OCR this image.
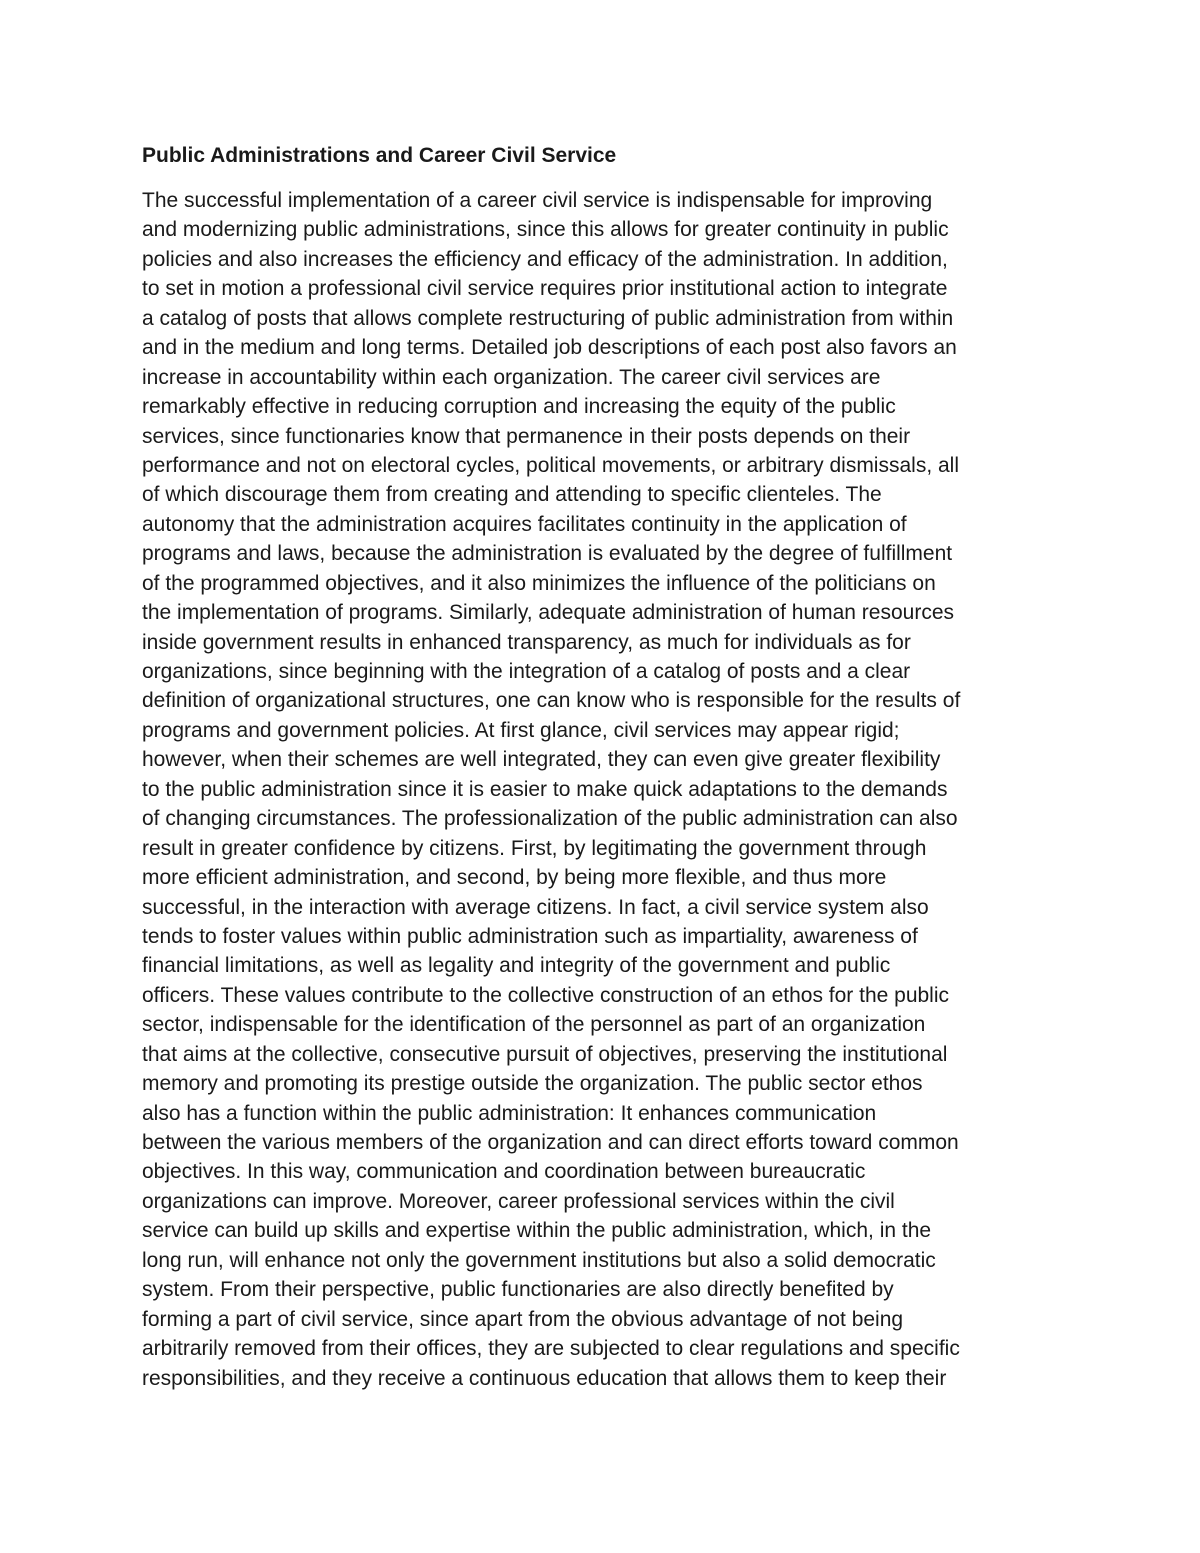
Public Administrations and Career Civil Service

The successful implementation of a career civil service is indispensable for improving
and modernizing public administrations, since this allows for greater continuity in public
policies and also increases the efficiency and efficacy of the administration. In addition,
to set in motion a professional civil service requires prior institutional action to integrate
a catalog of posts that allows complete restructuring of public administration from within
and in the medium and long terms. Detailed job descriptions of each post also favors an
increase in accountability within each organization. The career civil services are
remarkably effective in reducing corruption and increasing the equity of the public
services, since functionaries know that permanence in their posts depends on their
performance and not on electoral cycles, political movements, or arbitrary dismissals, all
of which discourage them from creating and attending to specific clienteles. The
autonomy that the administration acquires facilitates continuity in the application of
programs and laws, because the administration is evaluated by the degree of fulfillment
of the programmed objectives, and it also minimizes the influence of the politicians on
the implementation of programs. Similarly, adequate administration of human resources
inside government results in enhanced transparency, as much for individuals as for
organizations, since beginning with the integration of a catalog of posts and a clear
definition of organizational structures, one can know who is responsible for the results of
programs and government policies. At first glance, civil services may appear rigid;
however, when their schemes are well integrated, they can even give greater flexibility
to the public administration since it is easier to make quick adaptations to the demands
of changing circumstances. The professionalization of the public administration can also
result in greater confidence by citizens. First, by legitimating the government through
more efficient administration, and second, by being more flexible, and thus more
successful, in the interaction with average citizens. In fact, a civil service system also
tends to foster values within public administration such as impartiality, awareness of
financial limitations, as well as legality and integrity of the government and public
officers. These values contribute to the collective construction of an ethos for the public
sector, indispensable for the identification of the personnel as part of an organization
that aims at the collective, consecutive pursuit of objectives, preserving the institutional
memory and promoting its prestige outside the organization. The public sector ethos
also has a function within the public administration: It enhances communication
between the various members of the organization and can direct efforts toward common
objectives. In this way, communication and coordination between bureaucratic
organizations can improve. Moreover, career professional services within the civil
service can build up skills and expertise within the public administration, which, in the
long run, will enhance not only the government institutions but also a solid democratic
system. From their perspective, public functionaries are also directly benefited by
forming a part of civil service, since apart from the obvious advantage of not being
arbitrarily removed from their offices, they are subjected to clear regulations and specific
responsibilities, and they receive a continuous education that allows them to keep their
